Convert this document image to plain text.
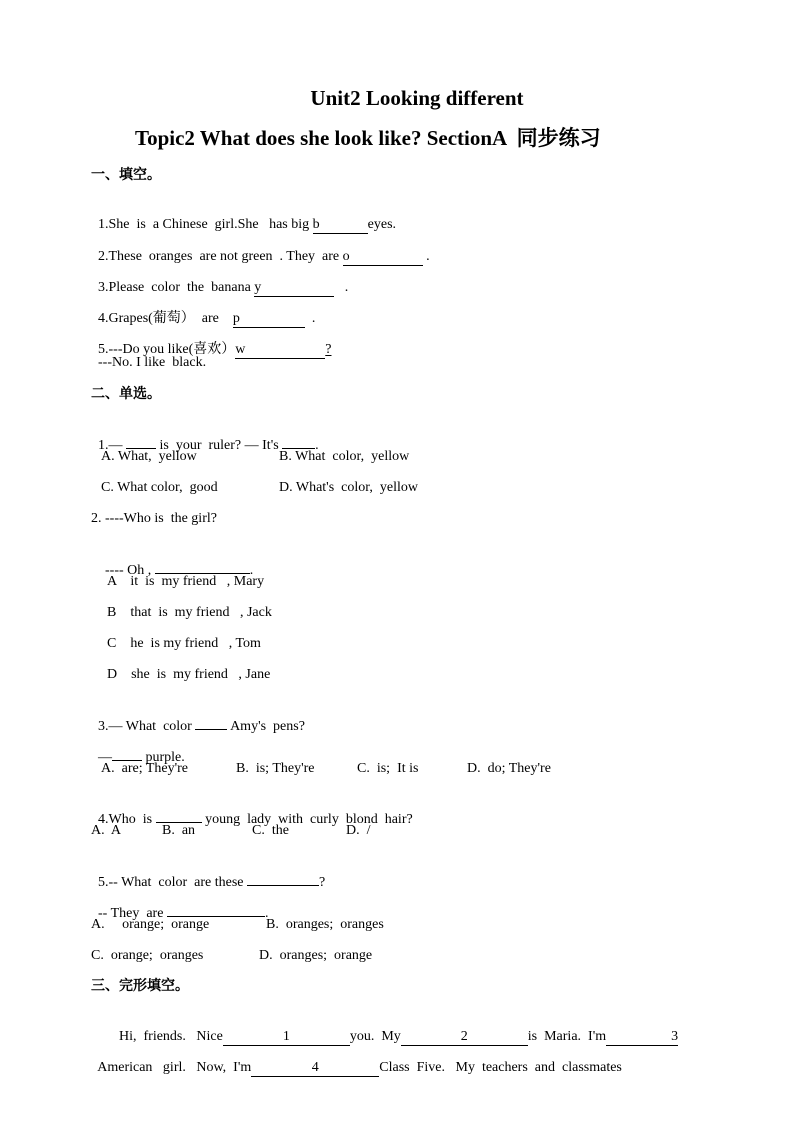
Unit2 Looking different
Topic2 What does she look like? SectionA  同步练习
一、填空。

1.She  is  a Chinese  girl.She   has big b	eyes.

2.These  oranges  are not green  . They  are o	.

3.Please  color  the  banana y	.

4.Grapes(葡萄）  are    p	.

5.---Do you like(喜欢）w	?

---No. I like  black.
二、单选。

1.—  is  your  ruler? — It's .

A. What,  yellow	B. What  color,  yellow
C. What color,  good	D. What's  color,  yellow
2. ----Who is  the girl?

---- Oh ,	.

A    it  is  my friend   , Mary
B    that  is  my friend   , Jack
C    he  is my friend   , Tom
D    she  is  my friend   , Jane

3.— What  color  Amy's  pens?

— purple.

A.  are; They're	B.  is; They're	C.  is;  It is	D.  do; They're

4.Who  is	young  lady  with  curly  blond  hair?

A.  A	B.  an	C.  the	D.  /

5.-- What  color  are these	?

-- They  are	.

A.     orange;  orange	B.  oranges;  oranges
C.  orange;  oranges	D.  oranges;  orange
三、完形填空。

Hi,  friends.   Nice	1	you.  My	2	is  Maria.  I'm	3

American   girl.   Now,  I'm	4	Class  Five.   My  teachers  and  classmates
